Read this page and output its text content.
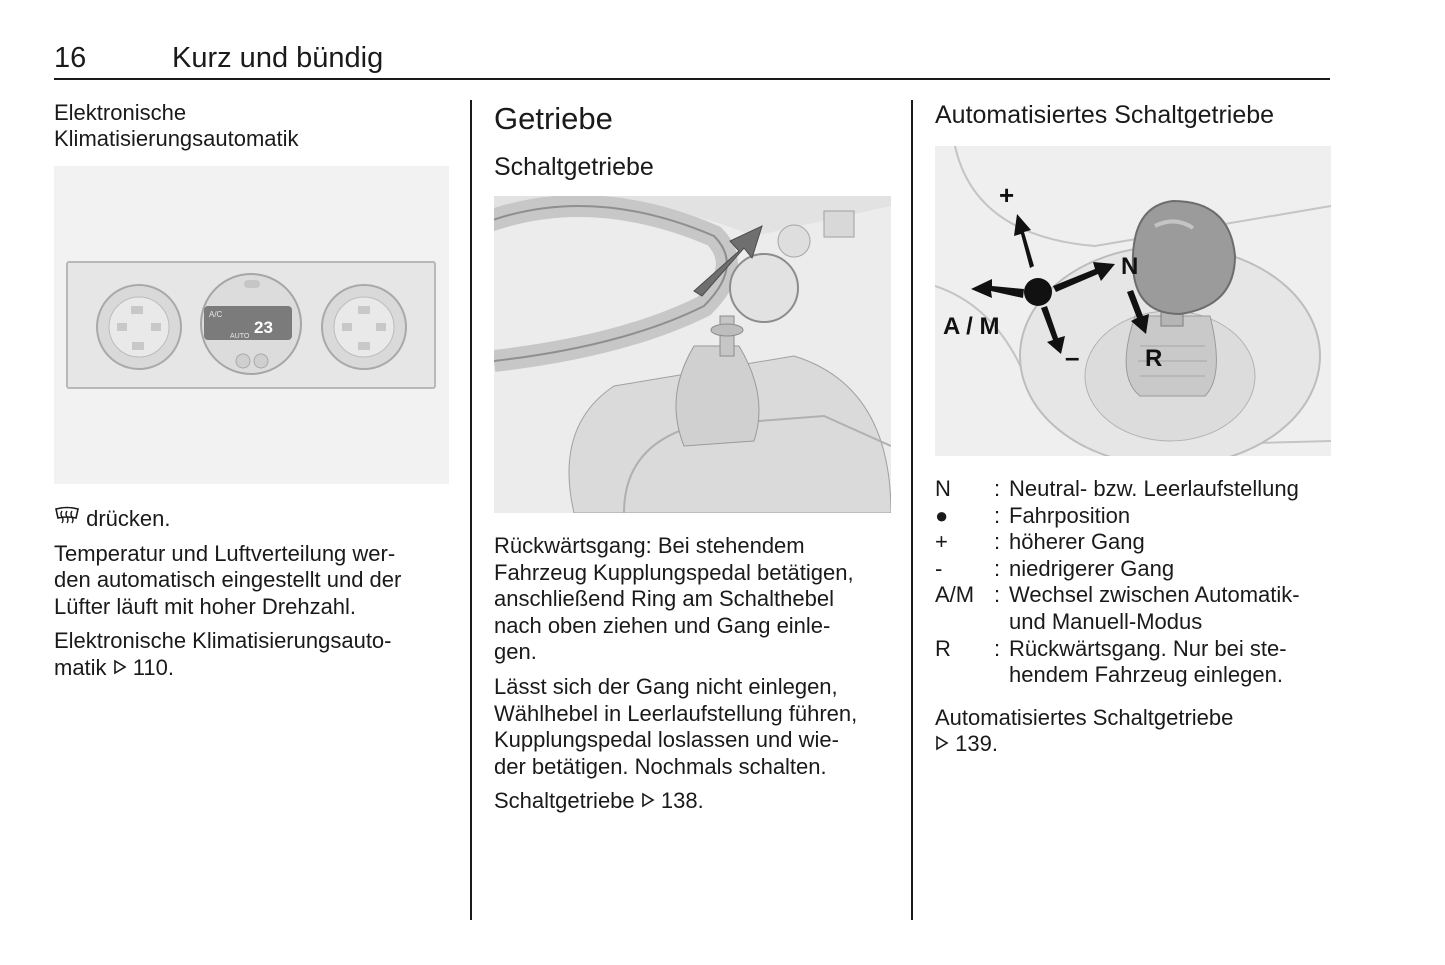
16	Kurz und bündig
Elektronische
Klimatisierungsautomatik
A/C
23
AUTO

drücken.

Temperatur und Luftverteilung wer-
den automatisch eingestellt und der
Lüfter läuft mit hoher Drehzahl.

Elektronische Klimatisierungsauto-
matik  110.

Getriebe
Schaltgetriebe

Rückwärtsgang: Bei stehendem
Fahrzeug Kupplungspedal betätigen,
anschließend Ring am Schalthebel
nach oben ziehen und Gang einle-
gen.

Lässt sich der Gang nicht einlegen,
Wählhebel in Leerlaufstellung führen,
Kupplungspedal loslassen und wie-
der betätigen. Nochmals schalten.

Schaltgetriebe  138.

Automatisiertes Schaltgetriebe
+
–
A / M
N
R
N	: Neutral- bzw. Leerlaufstellung
●	: Fahrposition
+	: höherer Gang
-	: niedrigerer Gang
A/M : Wechsel zwischen Automatik-
und Manuell-Modus
R	: Rückwärtsgang. Nur bei ste-
hendem Fahrzeug einlegen.

Automatisiertes Schaltgetriebe
139.
